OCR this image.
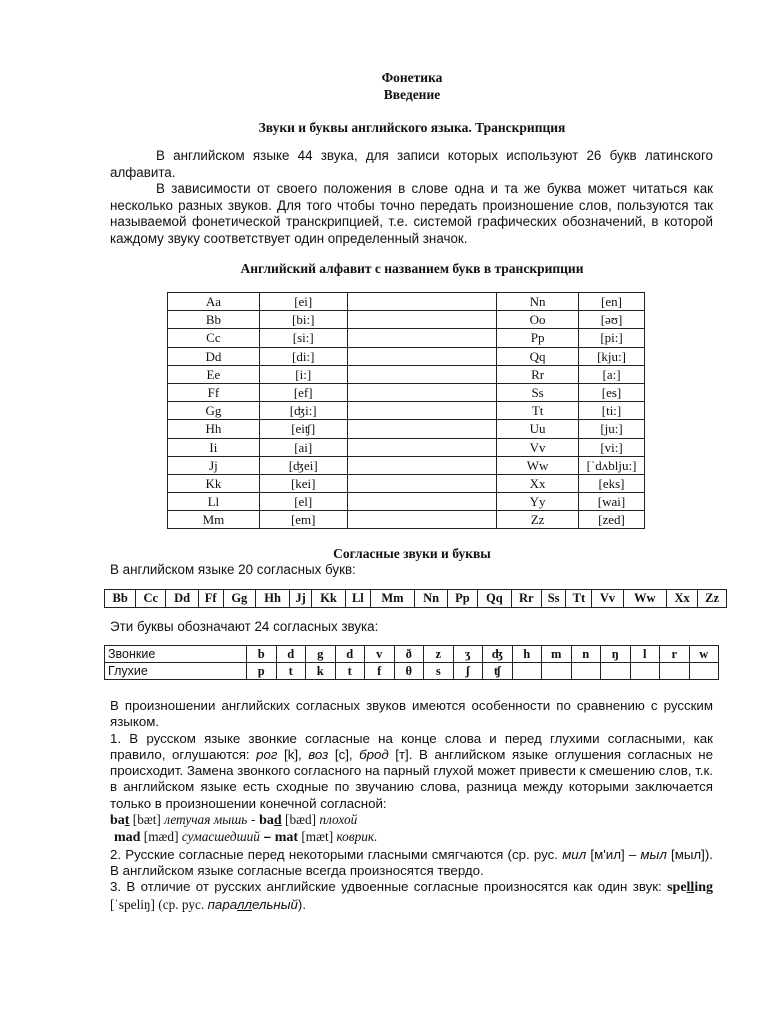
Фонетика
Введение
Звуки и буквы английского языка. Транскрипция
В английском языке 44 звука, для записи которых используют 26 букв латинского алфавита.
В зависимости от своего положения в слове одна и та же буква может читаться как несколько разных звуков. Для того чтобы точно передать произношение слов, пользуются так называемой фонетической транскрипцией, т.е. системой графических обозначений, в которой каждому звуку соответствует один определенный значок.
Английский алфавит с названием букв в транскрипции
Aa	[ei]		Nn	[en]
Bb	[bi:]		Oo	[əʊ]
Cc	[si:]		Pp	[pi:]
Dd	[di:]		Qq	[kju:]
Ee	[i:]		Rr	[a:]
Ff	[ef]		Ss	[es]
Gg	[ʤi:]		Tt	[ti:]
Hh	[eiʧ]		Uu	[ju:]
Ii	[ai]		Vv	[vi:]
Jj	[ʤei]		Ww	[ˈdʌblju:]
Kk	[kei]		Xx	[eks]
Ll	[el]		Yy	[wai]
Mm	[em]		Zz	[zed]
Согласные звуки и буквы
В английском языке 20 согласных букв:
Bb	Cc	Dd	Ff	Gg	Hh	Jj	Kk	Ll	Mm	Nn	Pp	Qq	Rr	Ss	Tt	Vv	Ww	Xx	Zz
Эти буквы обозначают 24 согласных звука:
Звонкие	b	d	g	d	v	ð	z	ʒ	ʤ	h	m	n	ŋ	l	r	w
Глухие	p	t	k	t	f	θ	s	ʃ	ʧ							

В произношении английских согласных звуков имеются особенности по сравнению с русским языком.

1. В русском языке звонкие согласные на конце слова и перед глухими согласными, как правило, оглушаются: рог [k], воз [c], брод [т]. В английском языке оглушения согласных не происходит. Замена звонкого согласного на парный глухой может привести к смешению слов, т.к. в английском языке есть сходные по звучанию слова, разница между которыми заключается только в произношении конечной согласной:

bat [bæt] летучая мышь - bad [bæd] плохой

mad [mæd] сумасшедший – mat [mæt] коврик.

2. Русские согласные перед некоторыми гласными смягчаются (ср. рус. мил [м'ил] – мыл [мыл]). В английском языке согласные всегда произносятся твердо.

3. В отличие от русских английские удвоенные согласные произносятся как один звук: spelling [ˈspeliŋ] (ср. рус. параллельный).
